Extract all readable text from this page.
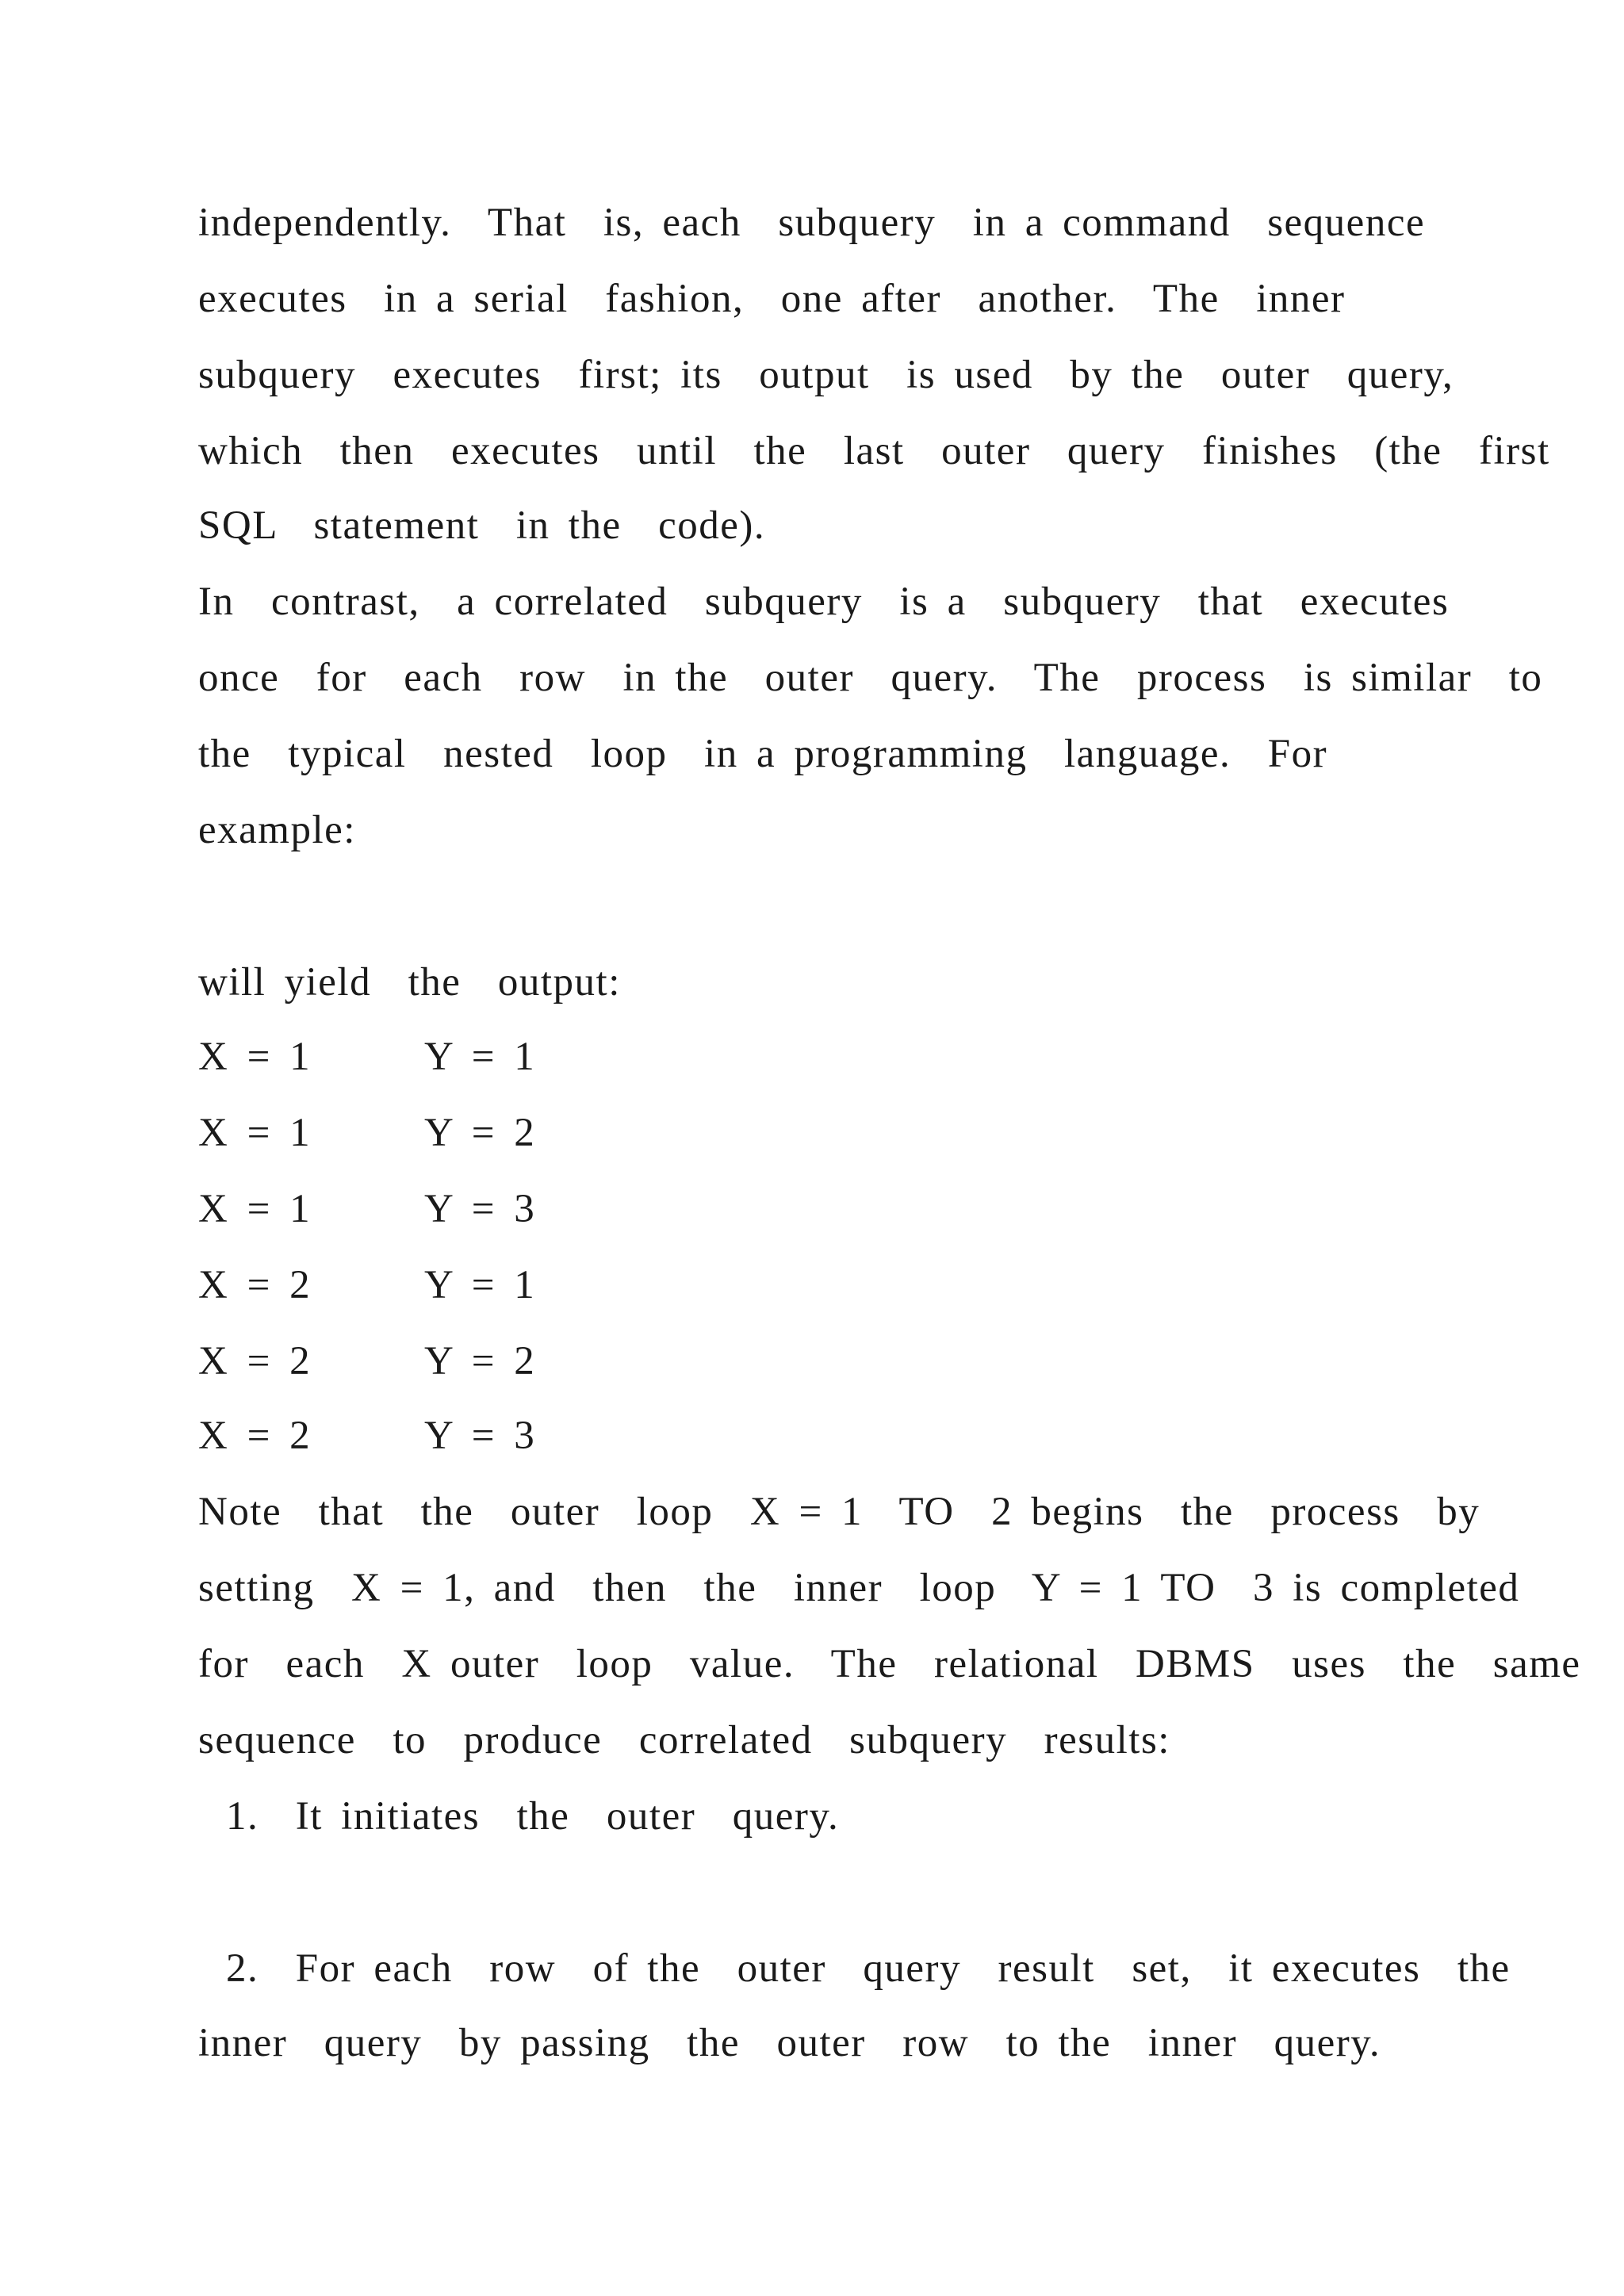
independently.  That  is, each  subquery  in a command  sequence
executes  in a serial  fashion,  one after  another.  The  inner
subquery  executes  first; its  output  is used  by the  outer  query,
which  then  executes  until  the  last  outer  query  finishes  (the  first
SQL  statement  in the  code).
In  contrast,  a correlated  subquery  is a  subquery  that  executes
once  for  each  row  in the  outer  query.  The  process  is similar  to
the  typical  nested  loop  in a programming  language.  For
example:
will yield  the  output:
X = 1	Y = 1
X = 1	Y = 2
X = 1	Y = 3
X = 2	Y = 1
X = 2	Y = 2
X = 2	Y = 3
Note  that  the  outer  loop  X = 1  TO  2 begins  the  process  by
setting  X = 1, and  then  the  inner  loop  Y = 1 TO  3 is completed
for  each  X outer  loop  value.  The  relational  DBMS  uses  the  same
sequence  to  produce  correlated  subquery  results:
1.  It initiates  the  outer  query.
2.  For each  row  of the  outer  query  result  set,  it executes  the
inner  query  by passing  the  outer  row  to the  inner  query.
